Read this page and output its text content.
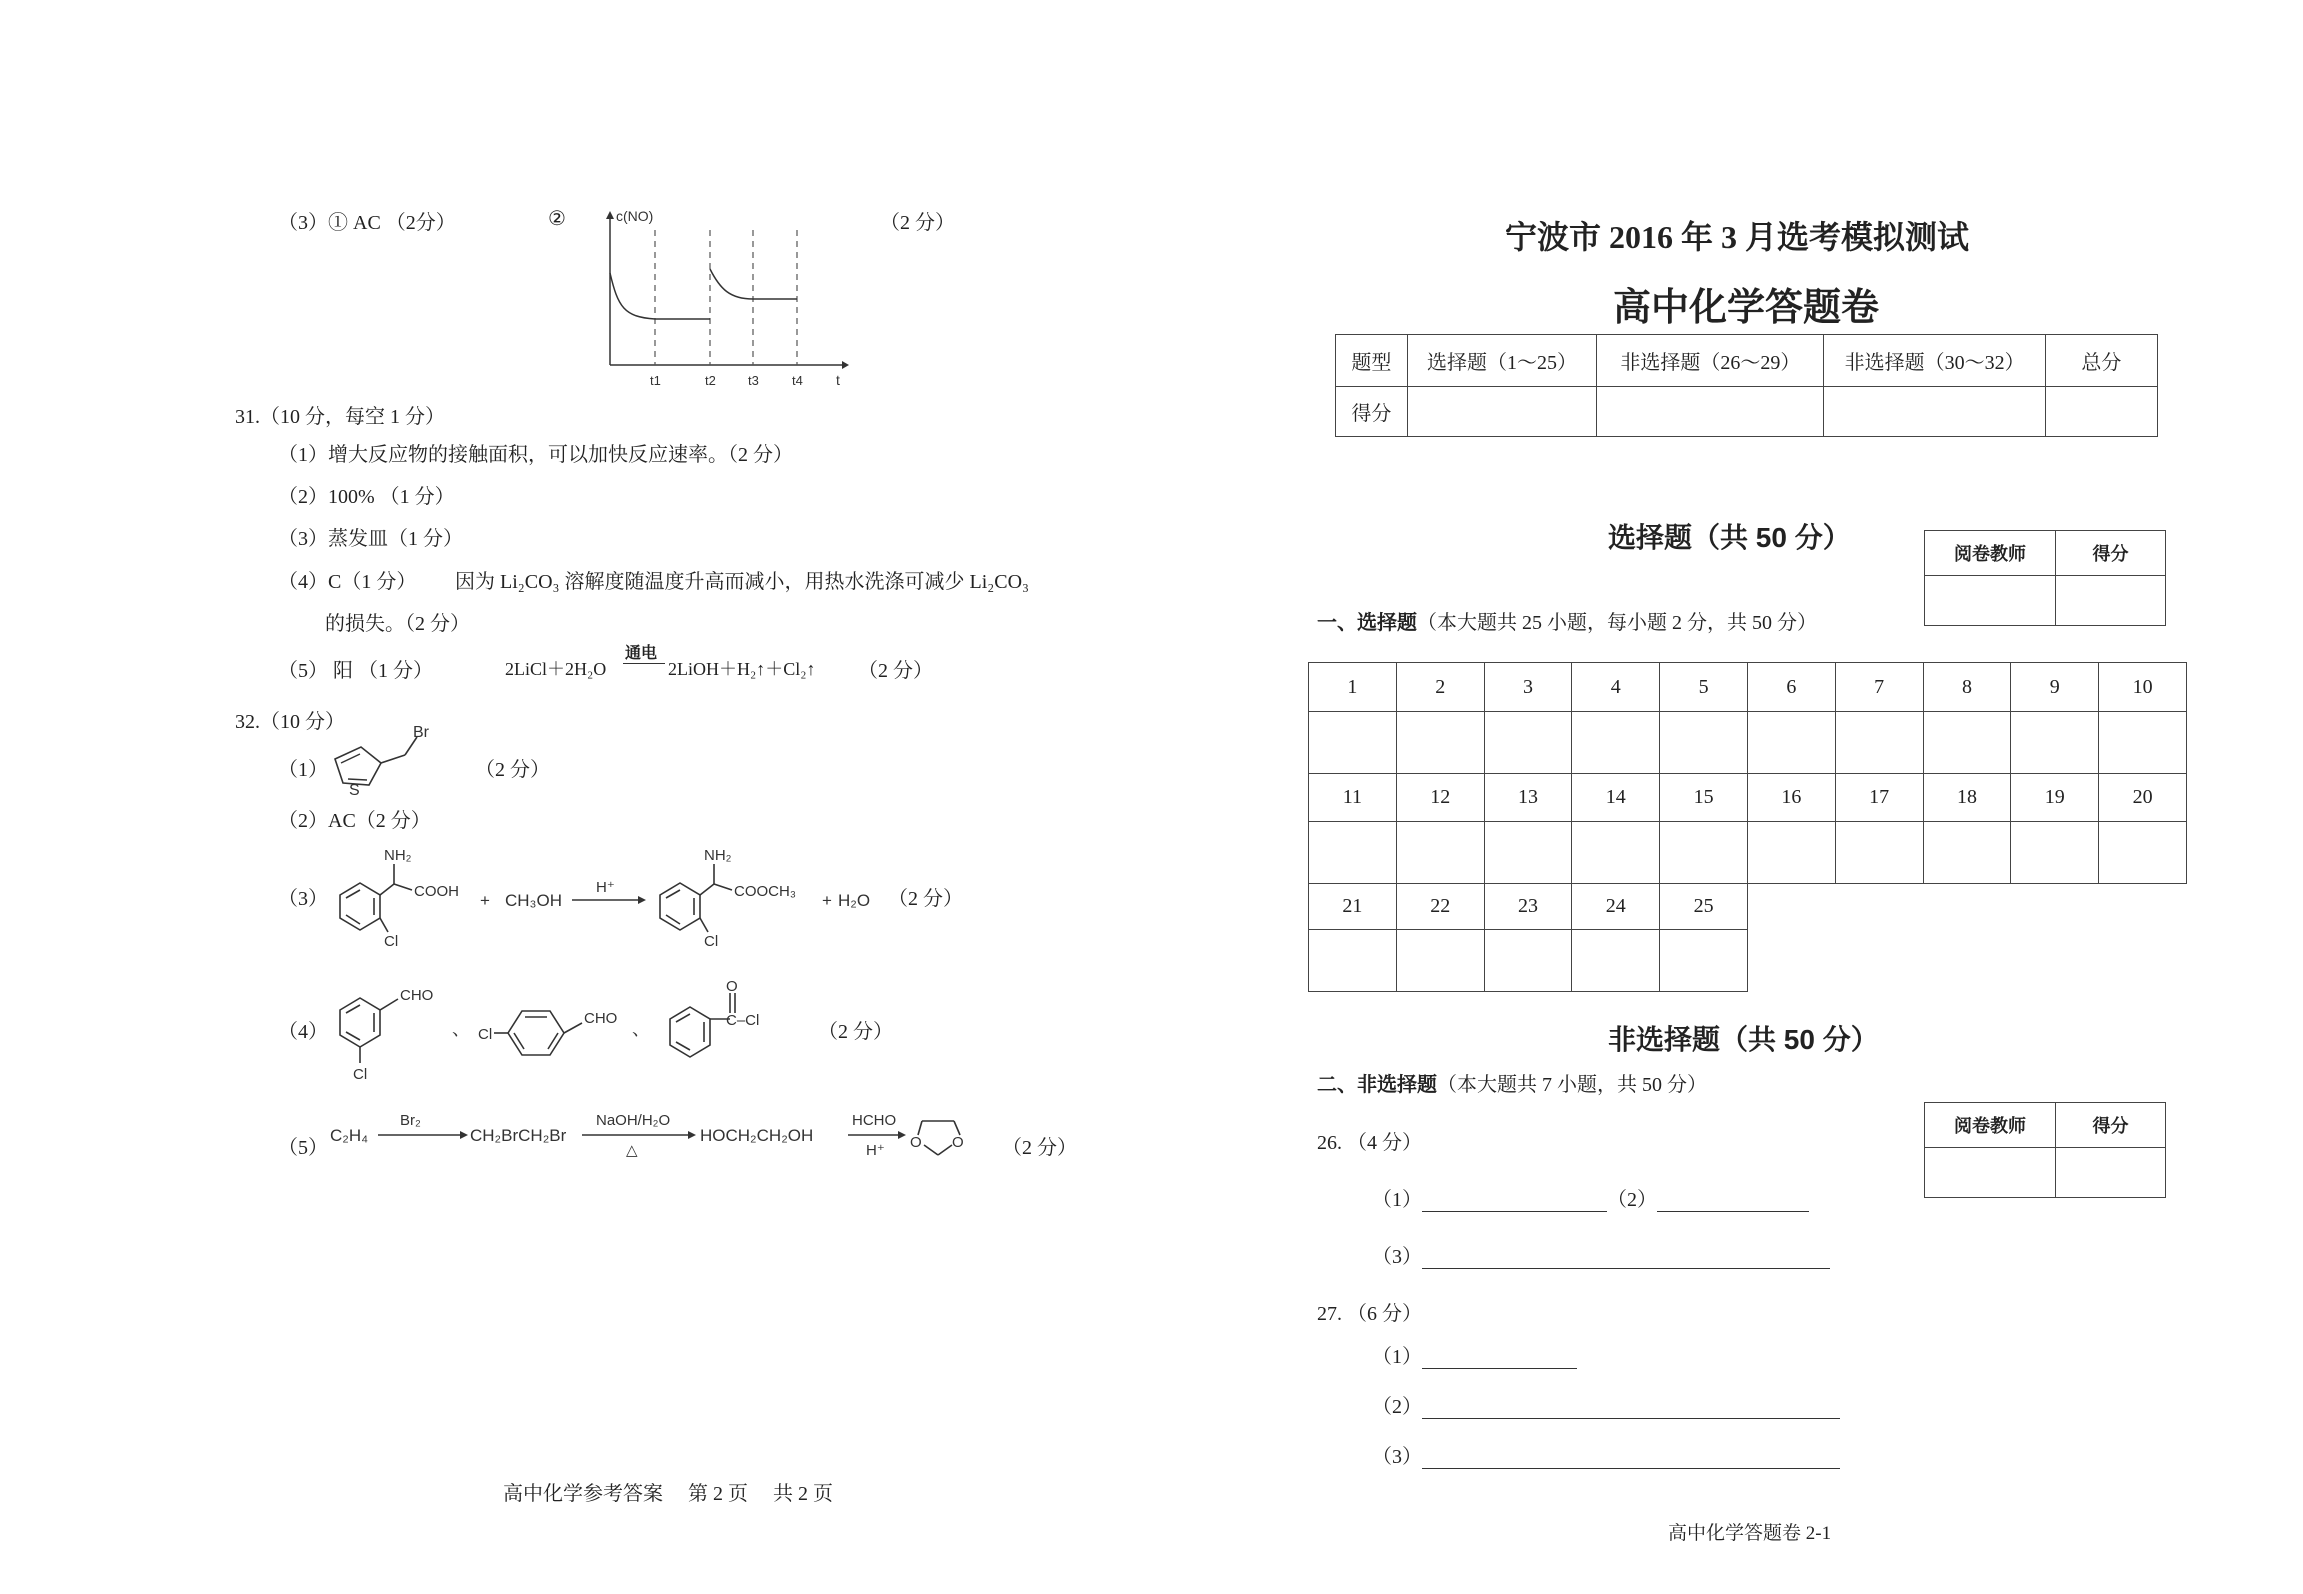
（3）① AC （2分）	②	（2 分）
c(NO)
t
t1	t2 t3	t4
31.（10 分，每空 1 分）
（1）增大反应物的接触面积，可以加快反应速率。（2 分）
（2）100% （1 分）
（3）蒸发皿（1 分）
（4）C（1 分） 因为 Li₂CO₃ 溶解度随温度升高而减小，用热水洗涤可减少 Li₂CO₃
的损失。（2 分）
（5） 阳 （1 分）	2LiCl＋2H₂O
通电
2LiOH＋H₂↑＋Cl₂↑ （2 分）
32.（10 分）
（1）
Br
S
（2 分）
（2）AC（2 分）
（3）
NH₂
COOH
Cl
+ CH₃OH
H⁺
NH₂
COOCH₃
Cl
+ H₂O （2 分）
（4）
CHO
Cl
、 Cl
CHO
、
O
C–Cl
（2 分）
（5）
C₂H₄
Br₂
CH₂BrCH₂Br
NaOH/H₂O
△
HOCH₂CH₂OH
HCHO
H⁺ O O （2 分）
高中化学参考答案　 第 2 页　 共 2 页
宁波市 2016 年 3 月选考模拟测试
高中化学答题卷
题型	选择题（1～25）	非选择题（26～29）	非选择题（30～32）	总分
得分				
选择题（共 50 分）
阅卷教师	得分

一、选择题（本大题共 25 小题，每小题 2 分，共 50 分）
1	2	3	4	5	6	7	8	9	10

11	12	13	14	15	16	17	18	19	20

21	22	23	24	25					

非选择题（共 50 分）
二、非选择题（本大题共 7 小题，共 50 分）
阅卷教师	得分

26. （4 分）
（1）	（2）
（3）
27. （6 分）
（1）
（2）
（3）
高中化学答题卷 2-1
